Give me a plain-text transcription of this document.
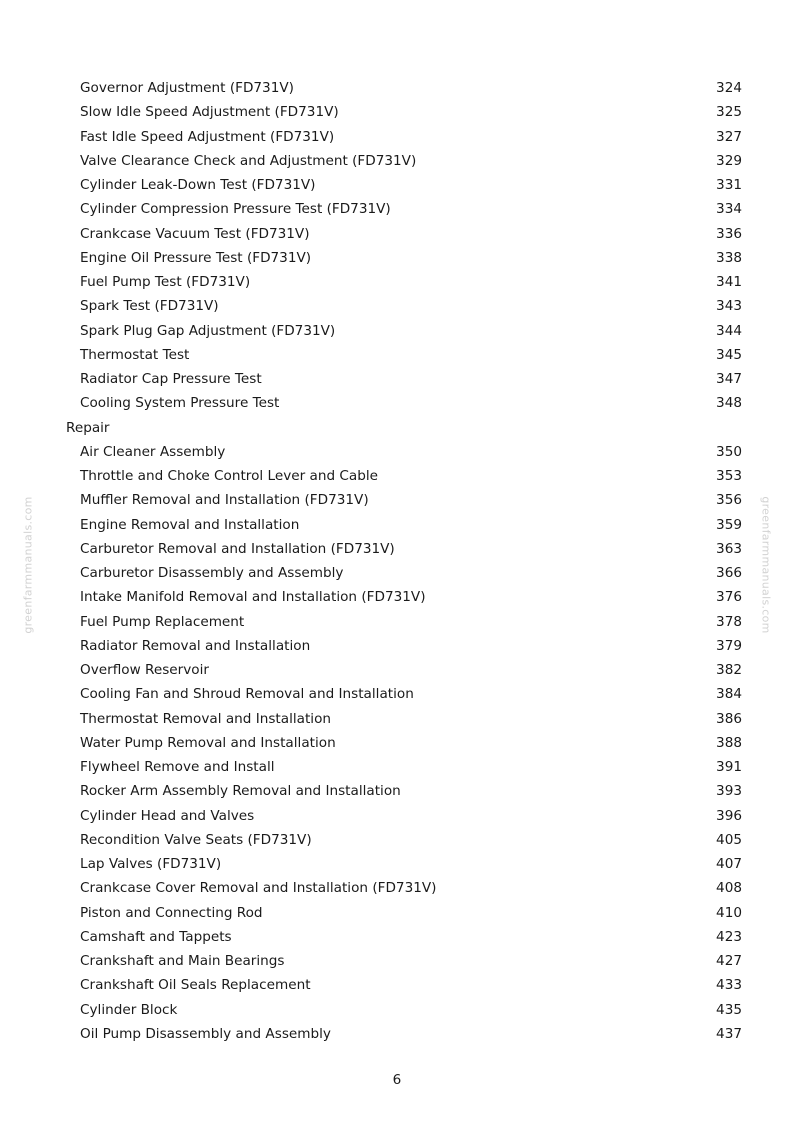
greenfarmmanuals.com	greenfarmmanuals.com
Governor Adjustment (FD731V)	324
Slow Idle Speed Adjustment (FD731V)	325
Fast Idle Speed Adjustment (FD731V)	327
Valve Clearance Check and Adjustment (FD731V)	329
Cylinder Leak-Down Test (FD731V)	331
Cylinder Compression Pressure Test (FD731V)	334
Crankcase Vacuum Test (FD731V)	336
Engine Oil Pressure Test (FD731V)	338
Fuel Pump Test (FD731V)	341
Spark Test (FD731V)	343
Spark Plug Gap Adjustment (FD731V)	344
Thermostat Test	345
Radiator Cap Pressure Test	347
Cooling System Pressure Test	348
Repair
Air Cleaner Assembly	350
Throttle and Choke Control Lever and Cable	353
Muffler Removal and Installation (FD731V)	356
Engine Removal and Installation	359
Carburetor Removal and Installation (FD731V)	363
Carburetor Disassembly and Assembly	366
Intake Manifold Removal and Installation (FD731V)	376
Fuel Pump Replacement	378
Radiator Removal and Installation	379
Overflow Reservoir	382
Cooling Fan and Shroud Removal and Installation	384
Thermostat Removal and Installation	386
Water Pump Removal and Installation	388
Flywheel Remove and Install	391
Rocker Arm Assembly Removal and Installation	393
Cylinder Head and Valves	396
Recondition Valve Seats (FD731V)	405
Lap Valves (FD731V)	407
Crankcase Cover Removal and Installation (FD731V)	408
Piston and Connecting Rod	410
Camshaft and Tappets	423
Crankshaft and Main Bearings	427
Crankshaft Oil Seals Replacement	433
Cylinder Block	435
Oil Pump Disassembly and Assembly	437
6
